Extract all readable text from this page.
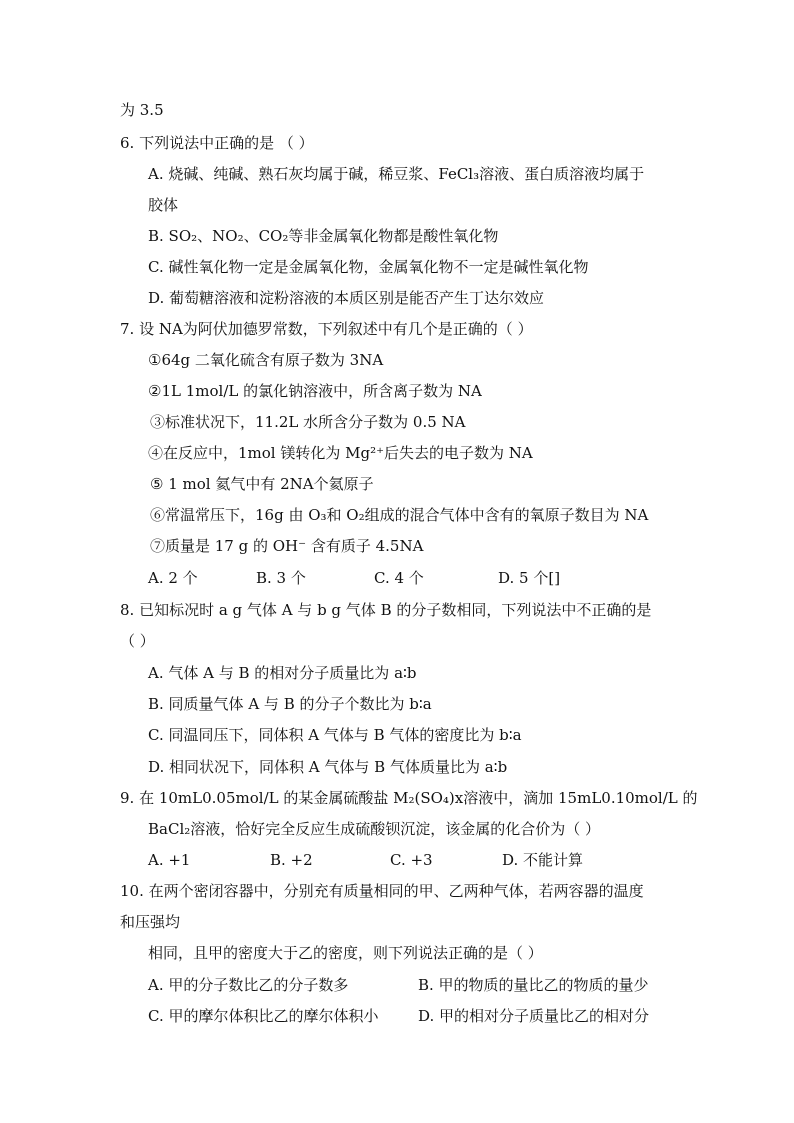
为 3.5
6. 下列说法中正确的是 （ ）
A. 烧碱、纯碱、熟石灰均属于碱，稀豆浆、FeCl₃溶液、蛋白质溶液均属于
胶体
B. SO₂、NO₂、CO₂等非金属氧化物都是酸性氧化物
C. 碱性氧化物一定是金属氧化物，金属氧化物不一定是碱性氧化物
D. 葡萄糖溶液和淀粉溶液的本质区别是能否产生丁达尔效应
7. 设 NA为阿伏加德罗常数，下列叙述中有几个是正确的（ ）
①64g 二氧化硫含有原子数为 3NA
②1L 1mol/L 的氯化钠溶液中，所含离子数为 NA
③标准状况下，11.2L 水所含分子数为 0.5 NA
④在反应中，1mol 镁转化为 Mg²⁺后失去的电子数为 NA
⑤ 1 mol 氦气中有 2NA个氦原子
⑥常温常压下，16g 由 O₃和 O₂组成的混合气体中含有的氧原子数目为 NA
⑦质量是 17 g 的 OH⁻ 含有质子 4.5NA
A. 2 个	B. 3 个	C. 4 个	D. 5 个[]
8. 已知标况时 a g 气体 A 与 b g 气体 B 的分子数相同，下列说法中不正确的是
（ ）
A. 气体 A 与 B 的相对分子质量比为 a∶b
B. 同质量气体 A 与 B 的分子个数比为 b∶a
C. 同温同压下，同体积 A 气体与 B 气体的密度比为 b∶a
D. 相同状况下，同体积 A 气体与 B 气体质量比为 a∶b
9. 在 10mL0.05mol/L 的某金属硫酸盐 M₂(SO₄)x溶液中，滴加 15mL0.10mol/L 的
BaCl₂溶液，恰好完全反应生成硫酸钡沉淀，该金属的化合价为（ ）
A. +1	B. +2	C. +3	D. 不能计算
10. 在两个密闭容器中，分别充有质量相同的甲、乙两种气体，若两容器的温度
和压强均
相同，且甲的密度大于乙的密度，则下列说法正确的是（ ）
A. 甲的分子数比乙的分子数多	B. 甲的物质的量比乙的物质的量少
C. 甲的摩尔体积比乙的摩尔体积小	D. 甲的相对分子质量比乙的相对分
